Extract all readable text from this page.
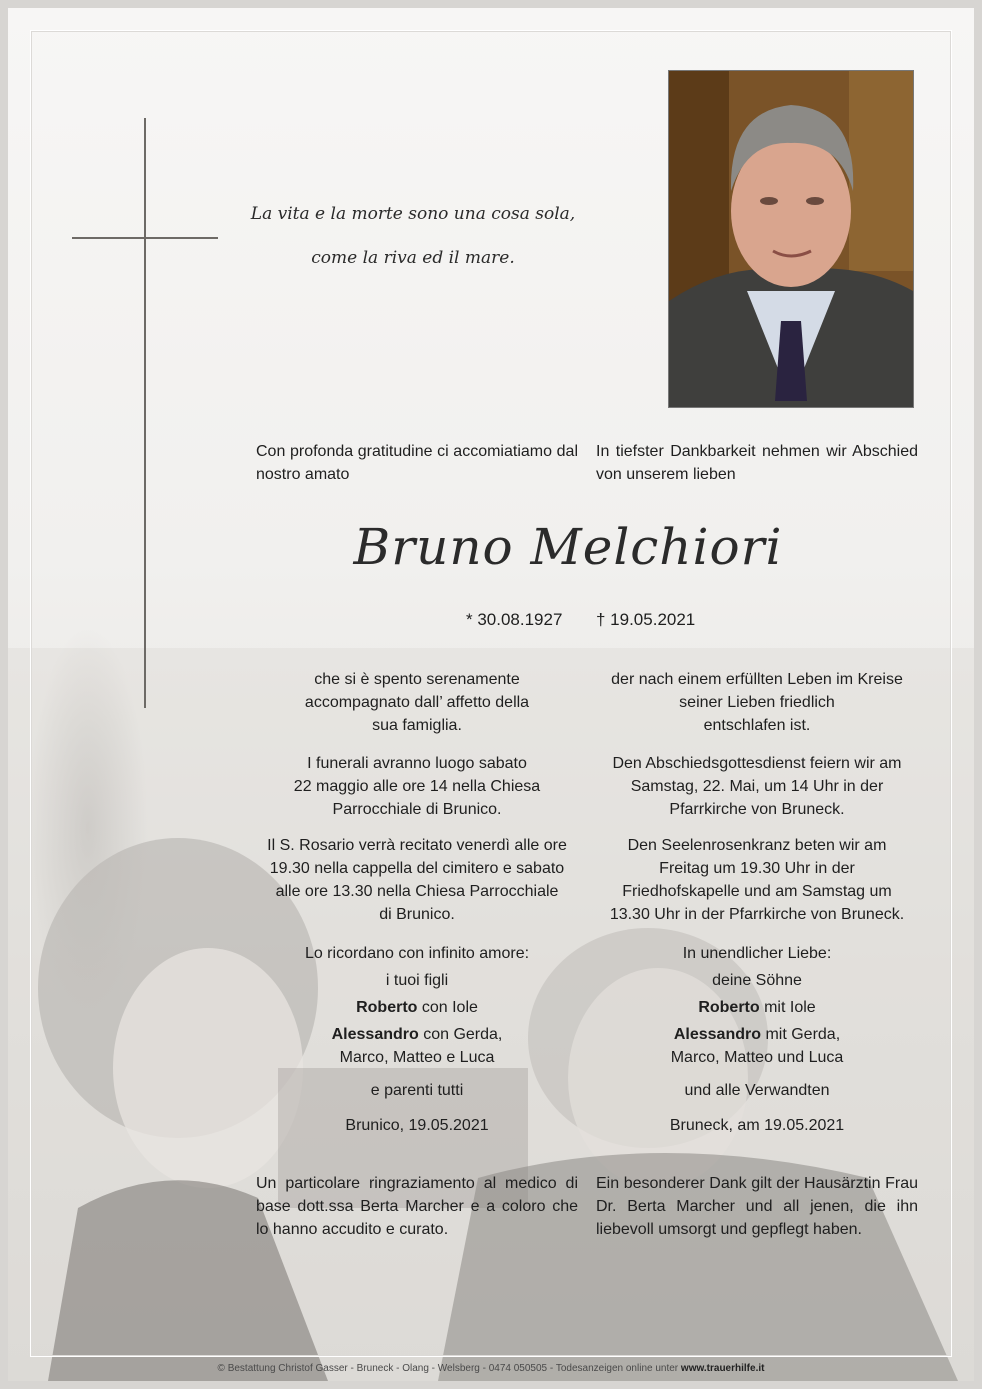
La vita e la morte sono una cosa sola,
come la riva ed il mare.
Con profonda gratitudine ci accomiatiamo dal nostro amato
In tiefster Dankbarkeit nehmen wir Abschied von unserem lieben
Bruno Melchiori
* 30.08.1927 † 19.05.2021
che si è spento serenamente
accompagnato dall’ affetto della
sua famiglia.
I funerali avranno luogo sabato
22 maggio alle ore 14 nella Chiesa
Parrocchiale di Brunico.
Il S. Rosario verrà recitato venerdì alle ore
19.30 nella cappella del cimitero e sabato
alle ore 13.30 nella Chiesa Parrocchiale
di Brunico.
Lo ricordano con infinito amore:
i tuoi figli
Roberto con Iole
Alessandro con Gerda,
Marco, Matteo e Luca
e parenti tutti
Brunico, 19.05.2021
Un particolare ringraziamento al medico di base dott.ssa Berta Marcher e a coloro che lo hanno accudito e curato.
der nach einem erfüllten Leben im Kreise
seiner Lieben friedlich
entschlafen ist.
Den Abschiedsgottesdienst feiern wir am
Samstag, 22. Mai, um 14 Uhr in der
Pfarrkirche von Bruneck.
Den Seelenrosenkranz beten wir am
Freitag um 19.30 Uhr in der
Friedhofskapelle und am Samstag um
13.30 Uhr in der Pfarrkirche von Bruneck.
In unendlicher Liebe:
deine Söhne
Roberto mit Iole
Alessandro mit Gerda,
Marco, Matteo und Luca
und alle Verwandten
Bruneck, am 19.05.2021
Ein besonderer Dank gilt der Hausärztin Frau Dr. Berta Marcher und all jenen, die ihn liebevoll umsorgt und gepflegt haben.
© Bestattung Christof Gasser - Bruneck - Olang - Welsberg - 0474 050505 - Todesanzeigen online unter www.trauerhilfe.it
